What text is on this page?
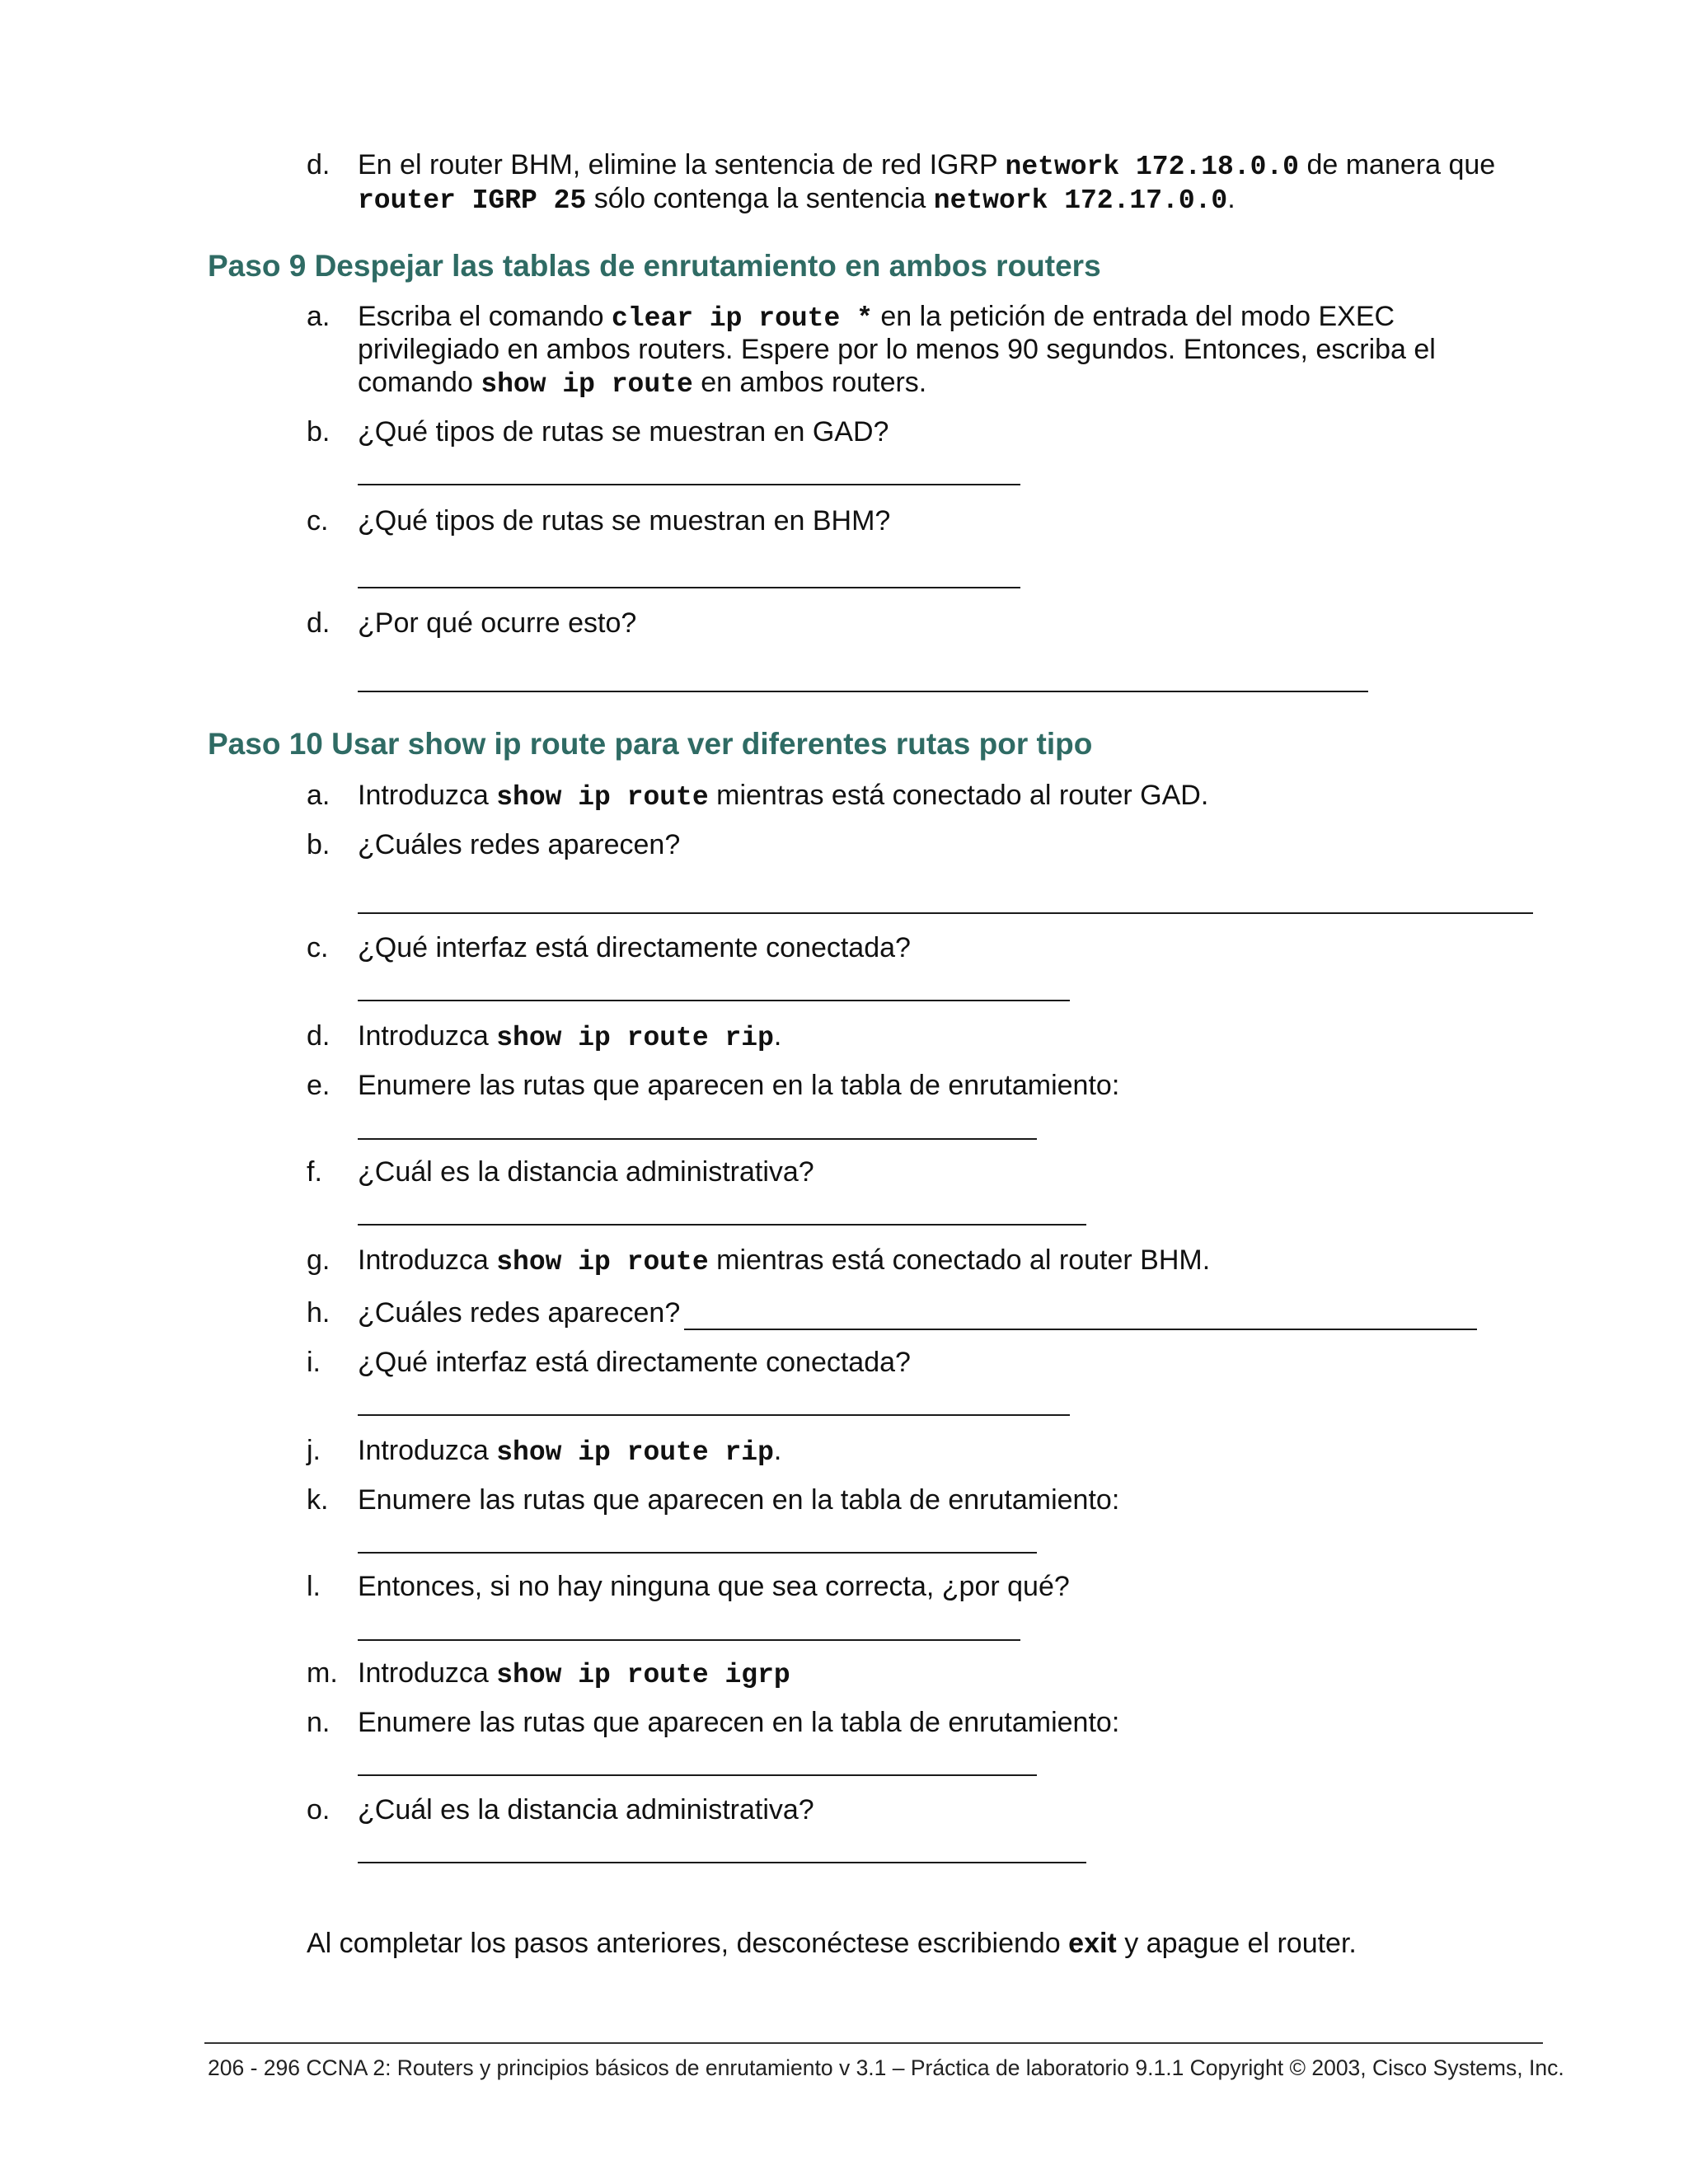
d. En el router BHM, elimine la sentencia de red IGRP network 172.18.0.0 de manera que
router IGRP 25 sólo contenga la sentencia network 172.17.0.0.
Paso 9 Despejar las tablas de enrutamiento en ambos routers
a. Escriba el comando clear ip route * en la petición de entrada del modo EXEC
privilegiado en ambos routers. Espere por lo menos 90 segundos. Entonces, escriba el
comando show ip route en ambos routers.
b. ¿Qué tipos de rutas se muestran en GAD?
c. ¿Qué tipos de rutas se muestran en BHM?
d. ¿Por qué ocurre esto?
Paso 10 Usar show ip route para ver diferentes rutas por tipo
a. Introduzca show ip route mientras está conectado al router GAD.
b. ¿Cuáles redes aparecen?
c. ¿Qué interfaz está directamente conectada?
d. Introduzca show ip route rip.
e. Enumere las rutas que aparecen en la tabla de enrutamiento:
f. ¿Cuál es la distancia administrativa?
g. Introduzca show ip route mientras está conectado al router BHM.
h. ¿Cuáles redes aparecen?
i. ¿Qué interfaz está directamente conectada?
j. Introduzca show ip route rip.
k. Enumere las rutas que aparecen en la tabla de enrutamiento:
l. Entonces, si no hay ninguna que sea correcta, ¿por qué?
m. Introduzca show ip route igrp
n. Enumere las rutas que aparecen en la tabla de enrutamiento:
o. ¿Cuál es la distancia administrativa?
Al completar los pasos anteriores, desconéctese escribiendo exit y apague el router.
206 - 296 CCNA 2: Routers y principios básicos de enrutamiento v 3.1 – Práctica de laboratorio 9.1.1 Copyright © 2003, Cisco Systems, Inc.
